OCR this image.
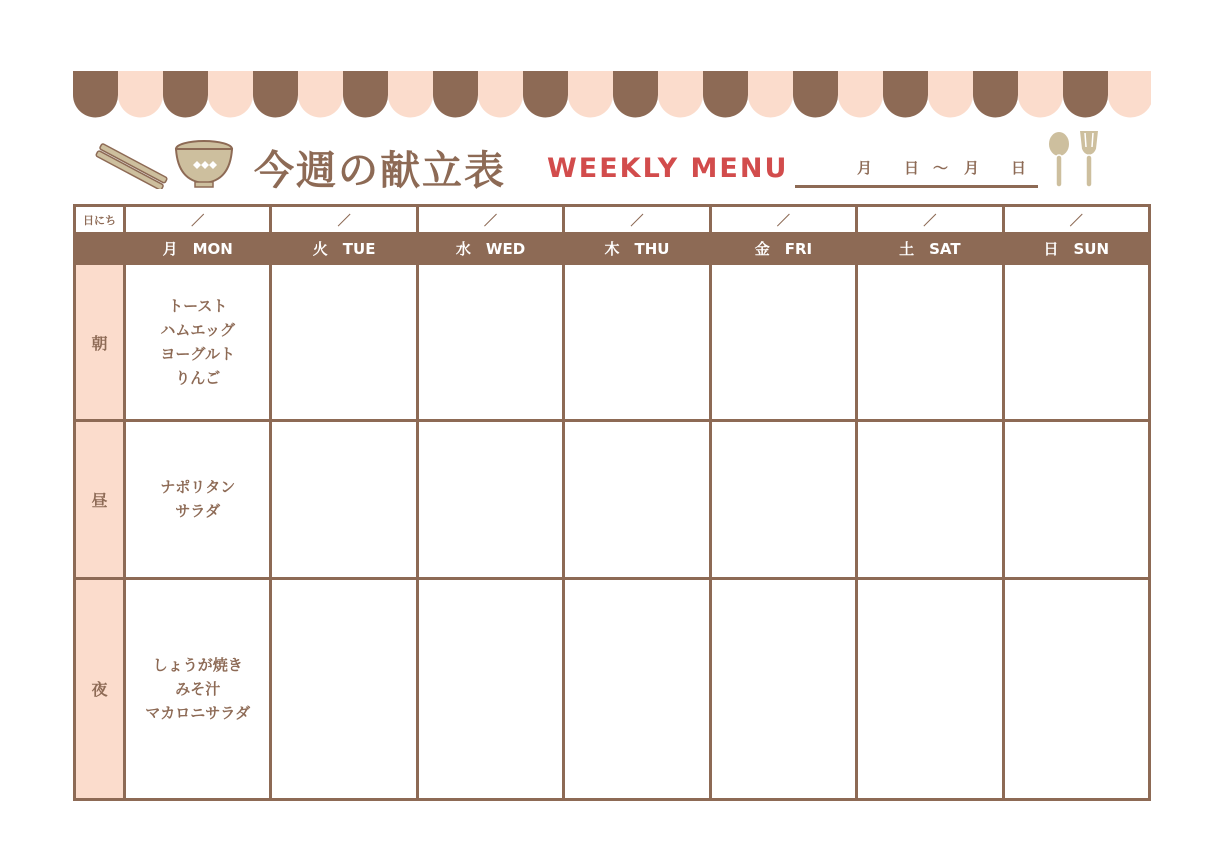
今週の献立表 WEEKLY MENU	月 日 ～ 月 日
日にち	／	／	／	／	／	／	／
	月　MON	火　TUE	水　WED	木　THU	金　FRI	土　SAT	日　SUN
朝	トースト
ハムエッグ
ヨーグルト
りんご						

昼	ナポリタン
サラダ						

夜	しょうが焼き
みそ汁
マカロニサラダ						
